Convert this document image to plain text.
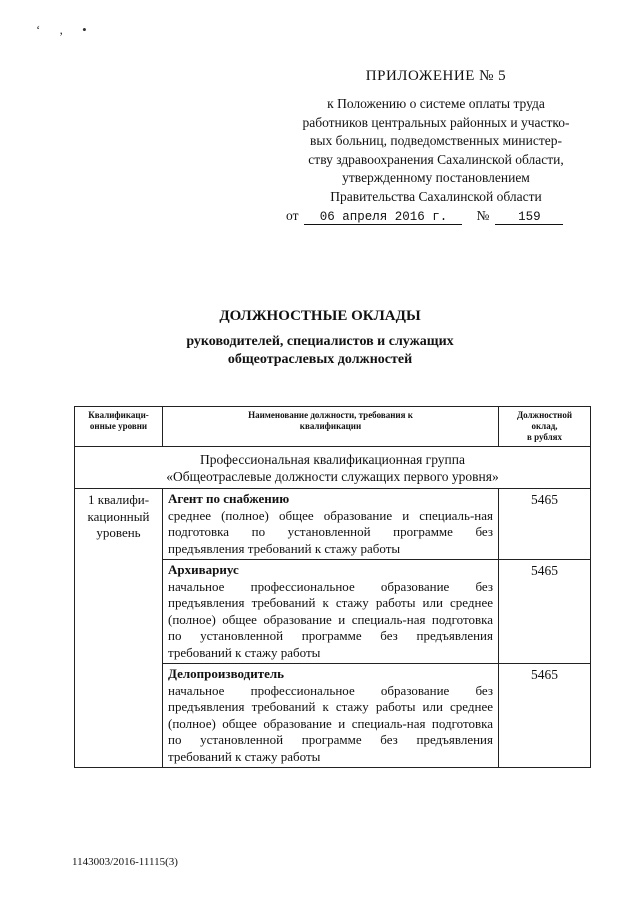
‘ , •
ПРИЛОЖЕНИЕ № 5
к Положению о системе оплаты труда
работников центральных районных и участко-
вых больниц, подведомственных министер-
ству здравоохранения Сахалинской области,
утвержденному постановлением
Правительства Сахалинской области
от	06 апреля 2016 г.	№	159
ДОЛЖНОСТНЫЕ ОКЛАДЫ
руководителей, специалистов и служащих
общеотраслевых должностей
Квалификаци-онные уровни	Наименование должности, требования к квалификации	Должностной
оклад,
в рублях

Профессиональная квалификационная группа
«Общеотраслевые должности служащих первого уровня»		

1 квалифи-кационный уровень	Агент по снабжению
среднее (полное) общее образование и специаль-ная подготовка по установленной программе без предъявления требований к стажу работы	5465

	Архивариус
начальное профессиональное образование без предъявления требований к стажу работы или среднее (полное) общее образование и специаль-ная подготовка по установленной программе без предъявления требований к стажу работы	5465

	Делопроизводитель
начальное профессиональное образование без предъявления требований к стажу работы или среднее (полное) общее образование и специаль-ная подготовка по установленной программе без предъявления требований к стажу работы	5465
1143003/2016-11115(3)
